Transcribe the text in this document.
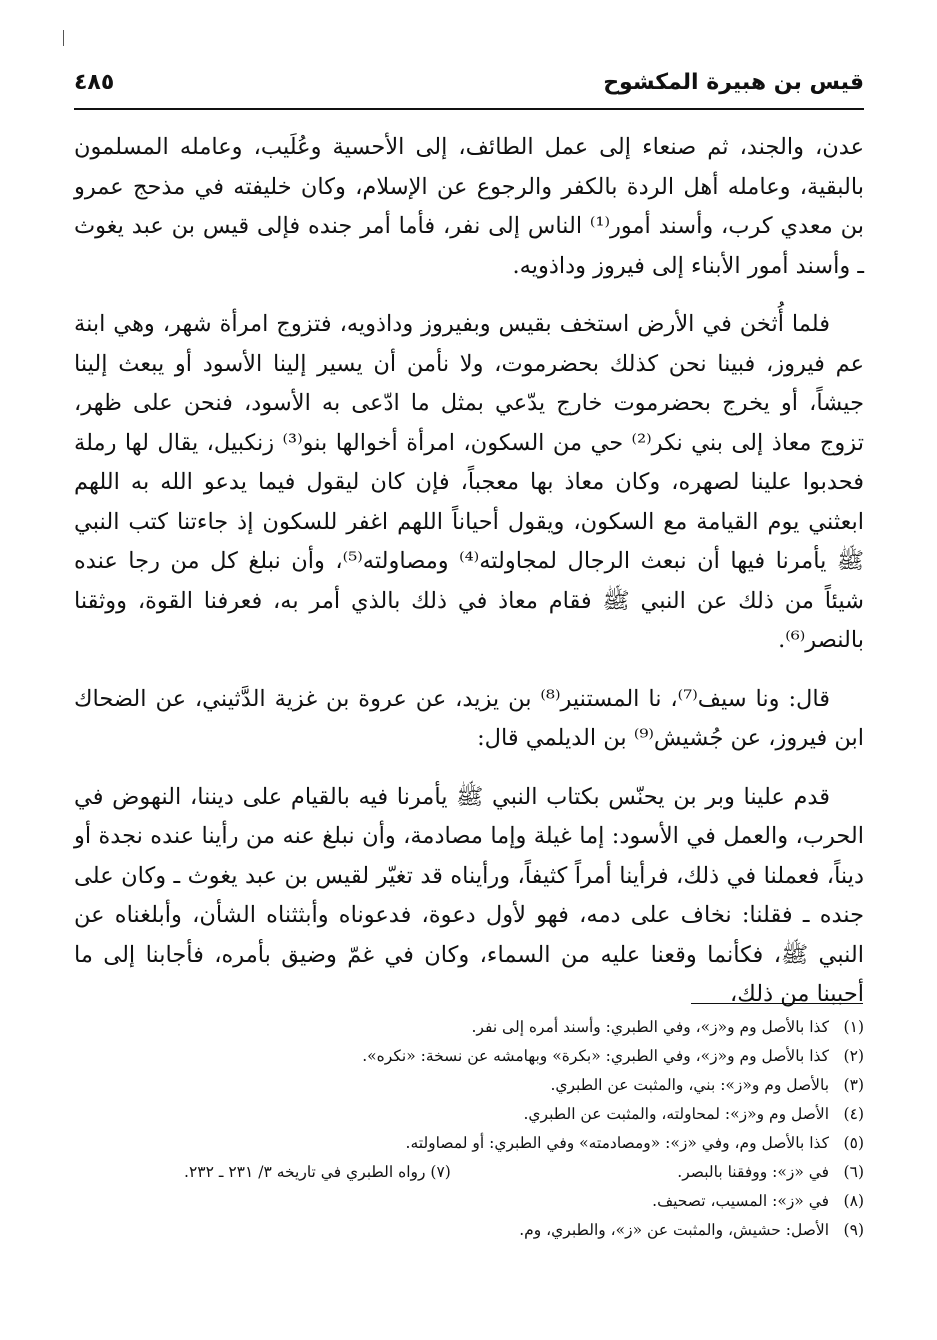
قيس بن هبيرة المكشوح
٤٨٥

عدن، والجند، ثم صنعاء إلى عمل الطائف، إلى الأحسية وعُلَيب، وعامله المسلمون بالبقية، وعامله أهل الردة بالكفر والرجوع عن الإسلام، وكان خليفته في مذحج عمرو بن معدي كرب، وأسند أمور⁽¹⁾ الناس إلى نفر، فأما أمر جنده فإلى قيس بن عبد يغوث ـ وأسند أمور الأبناء إلى فيروز وداذويه.

فلما أُثخن في الأرض استخف بقيس وبفيروز وداذويه، فتزوج امرأة شهر، وهي ابنة عم فيروز، فبينا نحن كذلك بحضرموت، ولا نأمن أن يسير إلينا الأسود أو يبعث إلينا جيشاً، أو يخرج بحضرموت خارج يدّعي بمثل ما ادّعى به الأسود، فنحن على ظهر، تزوج معاذ إلى بني نكر⁽²⁾ حي من السكون، امرأة أخوالها بنو⁽³⁾ زنكبيل، يقال لها رملة فحدبوا علينا لصهره، وكان معاذ بها معجباً، فإن كان ليقول فيما يدعو الله به اللهم ابعثني يوم القيامة مع السكون، ويقول أحياناً اللهم اغفر للسكون إذ جاءتنا كتب النبي ﷺ يأمرنا فيها أن نبعث الرجال لمجاولته⁽⁴⁾ ومصاولته⁽⁵⁾، وأن نبلغ كل من رجا عنده شيئاً من ذلك عن النبي ﷺ فقام معاذ في ذلك بالذي أمر به، فعرفنا القوة، ووثقنا بالنصر⁽⁶⁾.

قال: ونا سيف⁽⁷⁾، نا المستنير⁽⁸⁾ بن يزيد، عن عروة بن غزية الدَّثيني، عن الضحاك ابن فيروز، عن جُشيش⁽⁹⁾ بن الديلمي قال:

قدم علينا وبر بن يحنّس بكتاب النبي ﷺ يأمرنا فيه بالقيام على ديننا، النهوض في الحرب، والعمل في الأسود: إما غيلة وإما مصادمة، وأن نبلغ عنه من رأينا عنده نجدة أو ديناً، فعملنا في ذلك، فرأينا أمراً كثيفاً، ورأيناه قد تغيّر لقيس بن عبد يغوث ـ وكان على جنده ـ فقلنا: نخاف على دمه، فهو لأول دعوة، فدعوناه وأبثثناه الشأن، وأبلغناه عن النبي ﷺ، فكأنما وقعنا عليه من السماء، وكان في غمّ وضيق بأمره، فأجابنا إلى ما أحببنا من ذلك،

(١) كذا بالأصل وم و«ز»، وفي الطبري: وأسند أمره إلى نفر.
(٢) كذا بالأصل وم و«ز»، وفي الطبري: «بكرة» وبهامشه عن نسخة: «نكره».
(٣) بالأصل وم و«ز»: بني، والمثبت عن الطبري.
(٤) الأصل وم و«ز»: لمحاولته، والمثبت عن الطبري.
(٥) كذا بالأصل وم، وفي «ز»: «ومصادمته» وفي الطبري: أو لمصاولته.
(٦) في «ز»: ووفقنا بالبصر.
(٧) رواه الطبري في تاريخه ٣/ ٢٣١ ـ ٢٣٢.
(٨) في «ز»: المسيب، تصحيف.
(٩) الأصل: حشيش، والمثبت عن «ز»، والطبري، وم.
